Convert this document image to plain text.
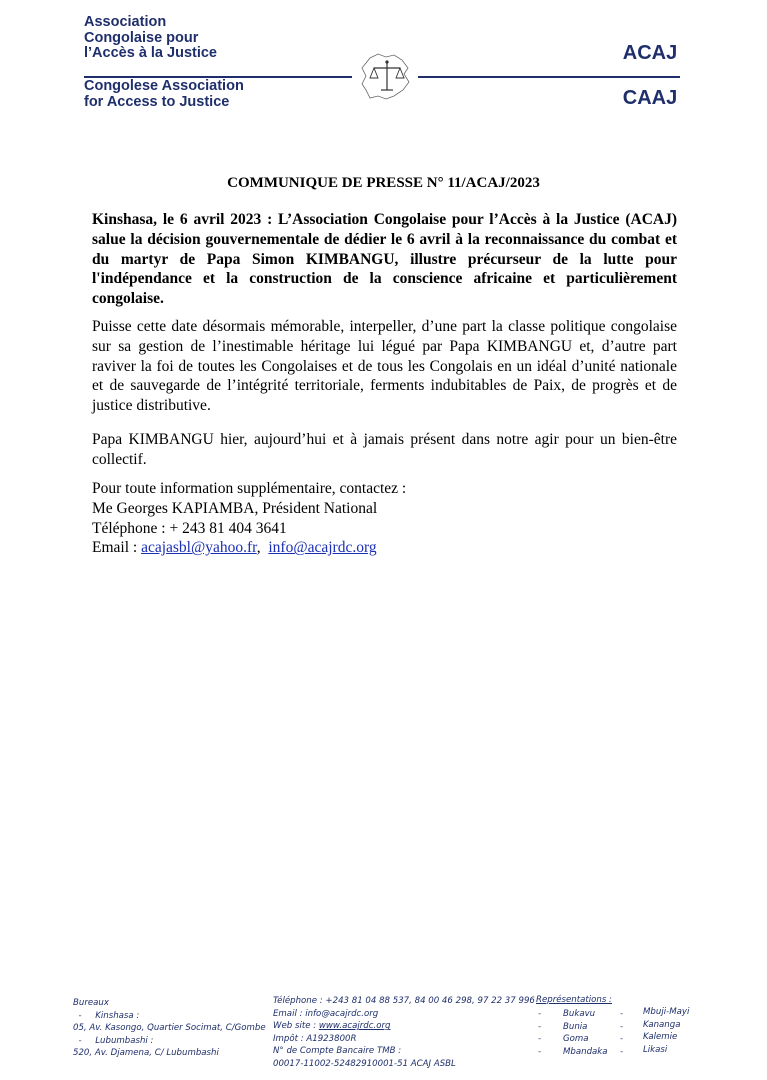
Association Congolaise pour l’Accès à la Justice
Congolese Association for Access to Justice
ACAJ
CAAJ
COMMUNIQUE DE PRESSE N° 11/ACAJ/2023
Kinshasa, le 6 avril 2023 : L’Association Congolaise pour l’Accès à la Justice (ACAJ) salue la décision gouvernementale de dédier le 6 avril à la reconnaissance du combat et du martyr de Papa Simon KIMBANGU, illustre précurseur de la lutte pour l'indépendance et la construction de la conscience africaine et particulièrement congolaise.
Puisse cette date désormais mémorable, interpeller, d’une part la classe politique congolaise sur sa gestion de l’inestimable héritage lui légué par Papa KIMBANGU et, d’autre part raviver la foi de toutes les Congolaises et de tous les Congolais en un idéal d’unité nationale et de sauvegarde de l’intégrité territoriale, ferments indubitables de Paix, de progrès et de justice distributive.
Papa KIMBANGU hier, aujourd’hui et à jamais présent dans notre agir pour un bien-être collectif.
Pour toute information supplémentaire, contactez :
Me Georges KAPIAMBA, Président National
Téléphone : + 243 81 404 3641
Email : acajasbl@yahoo.fr, info@acajrdc.org
Bureaux
- Kinshasa :
05, Av. Kasongo, Quartier Socimat, C/Gombe
- Lubumbashi :
520, Av. Djamena, C/ Lubumbashi
Téléphone : +243 81 04 88 537, 84 00 46 298, 97 22 37 996
Email : info@acajrdc.org
Web site : www.acajrdc.org
Impôt : A1923800R
N° de Compte Bancaire TMB :
00017-11002-52482910001-51 ACAJ ASBL
Représentations :
-
-
-
-
Bukavu
Bunia
Goma
Mbandaka
-
-
-
-
Mbuji-Mayi
Kananga
Kalemie
Likasi
